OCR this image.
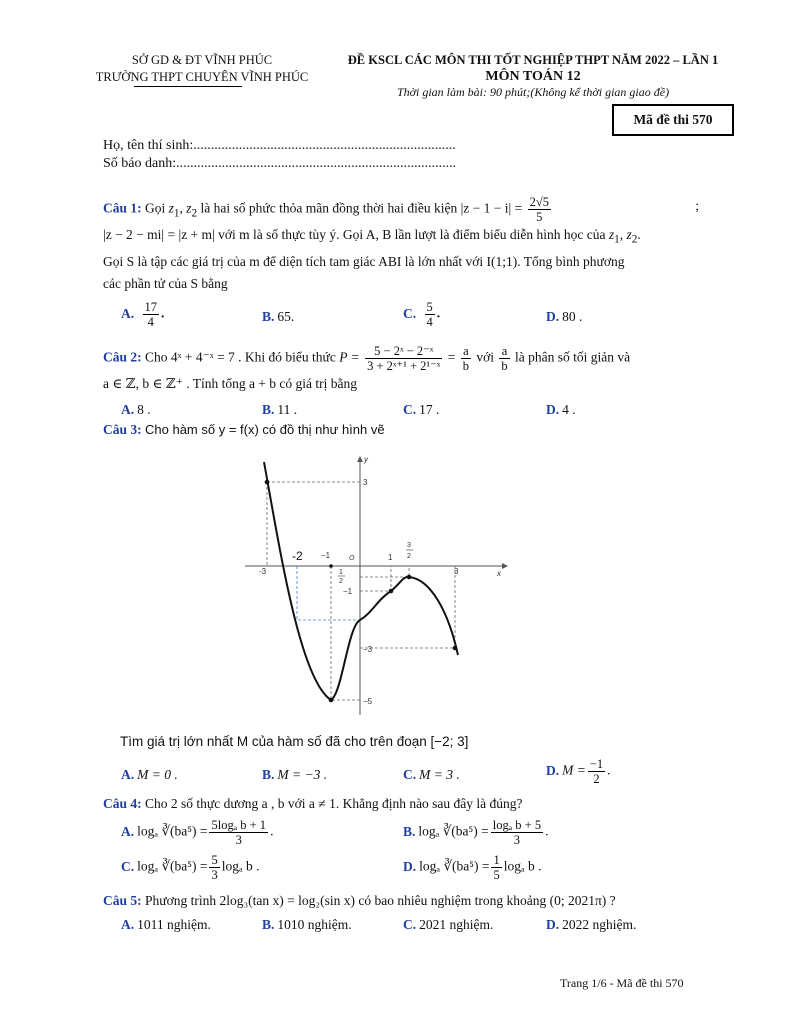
SỞ GD & ĐT VĨNH PHÚC
TRƯỜNG THPT CHUYÊN VĨNH PHÚC
ĐỀ KSCL CÁC MÔN THI TỐT NGHIỆP THPT NĂM 2022 – LẦN 1
MÔN TOÁN 12
Thời gian làm bài: 90 phút;(Không kể thời gian giao đề)
Mã đề thi 570
Họ, tên thí sinh:...........................................................................
Số báo danh:................................................................................
Câu 1: Gọi $z_1$, $z_2$ là hai số phức thỏa mãn đồng thời hai điều kiện $|z - 1 - i| = \frac{2√5}{5}$	;
|z − 2 − mi| = |z + m| với m là số thực tùy ý. Gọi A, B lần lượt là điểm biểu diễn hình học của $z_1$, $z_2$.
Gọi S là tập các giá trị của m để diện tích tam giác ABI là lớn nhất với I(1;1). Tổng bình phương
các phần tử của S bằng
A. $\frac{17}{4}$ .	B. 65.	C. $\frac{5}{4}$ .	D. 80 .
Câu 2: Cho 4ˣ + 4⁻ˣ = 7 . Khi đó biểu thức $P = \frac{\text{5 − 2ˣ − 2⁻ˣ}}{\text{3 + 2ˣ⁺¹ + 2¹⁻ˣ}} = \frac{a}{b}$ với $\frac{a}{b}$ là phân số tối giản và
a ∈ ℤ, b ∈ ℤ⁺ . Tính tổng a + b có giá trị bằng
A. 8 .	B. 11 .	C. 17 .	D. 4 .
Câu 3: Cho hàm số y = f(x) có đồ thị như hình vẽ
x
y
-3
-2 −1	O	1
3
2
3
3
1
2
−1
−3
−5
Tìm giá trị lớn nhất M của hàm số đã cho trên đoạn [−2; 3]
A. M = 0 .	B. M = −3 .	C. M = 3 .	D. $M = \frac{-1}{2}$ .
Câu 4: Cho 2 số thực dương a , b với a ≠ 1. Khẳng định nào sau đây là đúng?
A. logₐ ∛(ba⁵) = $\frac{\text{5logₐ b + 1}}{3}$ .	B. logₐ ∛(ba⁵) = $\frac{\text{logₐ b + 5}}{3}$ .
C. logₐ ∛(ba⁵) = $\frac{5}{3}$ logₐ b .	D. logₐ ∛(ba⁵) = $\frac{1}{5}$ logₐ b .
Câu 5: Phương trình 2log₃(tan x) = log₂(sin x) có bao nhiêu nghiệm trong khoảng (0; 2021π) ?
A. 1011 nghiệm.	B. 1010 nghiệm.	C. 2021 nghiệm.	D. 2022 nghiệm.
Trang 1/6 - Mã đề thi 570
